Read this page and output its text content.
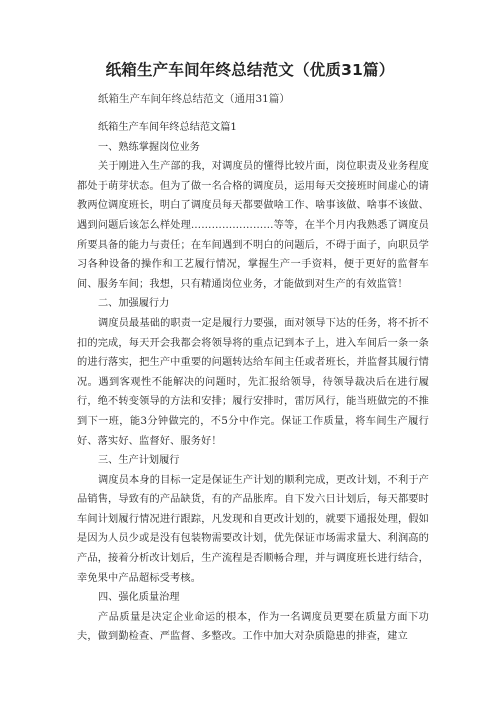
纸箱生产车间年终总结范文（优质31篇）
纸箱生产车间年终总结范文（通用31篇）
纸箱生产车间年终总结范文篇1
一、熟练掌握岗位业务

关于刚进入生产部的我，对调度员的懂得比较片面，岗位职责及业务程度都处于萌芽状态。但为了做一名合格的调度员，运用每天交接班时间虚心的请教两位调度班长，明白了调度员每天都要做啥工作、啥事该做、啥事不该做、遇到问题后该怎么样处理……………………等等，在半个月内我熟悉了调度员所要具备的能力与责任；在车间遇到不明白的问题后，不碍于面子，向职员学习各种设备的操作和工艺履行情况，掌握生产一手资料，便于更好的监督车间、服务车间；我想，只有精通岗位业务，才能做到对生产的有效监管！

二、加强履行力

调度员最基础的职责一定是履行力要强，面对领导下达的任务，将不折不扣的完成，每天开会我都会将领导将的重点记到本子上，进入车间后一条一条的进行落实，把生产中重要的问题转达给车间主任或者班长，并监督其履行情况。遇到客观性不能解决的问题时，先汇报给领导，待领导裁决后在进行履行，绝不转变领导的方法和安排；履行安排时，雷厉风行，能当班做完的不推到下一班，能3分钟做完的，不5分中作完。保证工作质量，将车间生产履行好、落实好、监督好、服务好！

三、生产计划履行

调度员本身的目标一定是保证生产计划的顺利完成，更改计划，不利于产品销售，导致有的产品缺货，有的产品胀库。自下发六日计划后，每天都要时车间计划履行情况进行跟踪，凡发现和自更改计划的，就要下通报处理，假如是因为人员少或是没有包装物需要改计划，优先保证市场需求量大、利润高的产品，接着分析改计划后，生产流程是否顺畅合理，并与调度班长进行结合，幸免果中产品超标受考核。

四、强化质量治理

产品质量是决定企业命运的根本，作为一名调度员更要在质量方面下功夫，做到勤检查、严监督、多整改。工作中加大对杂质隐患的排查，建立
